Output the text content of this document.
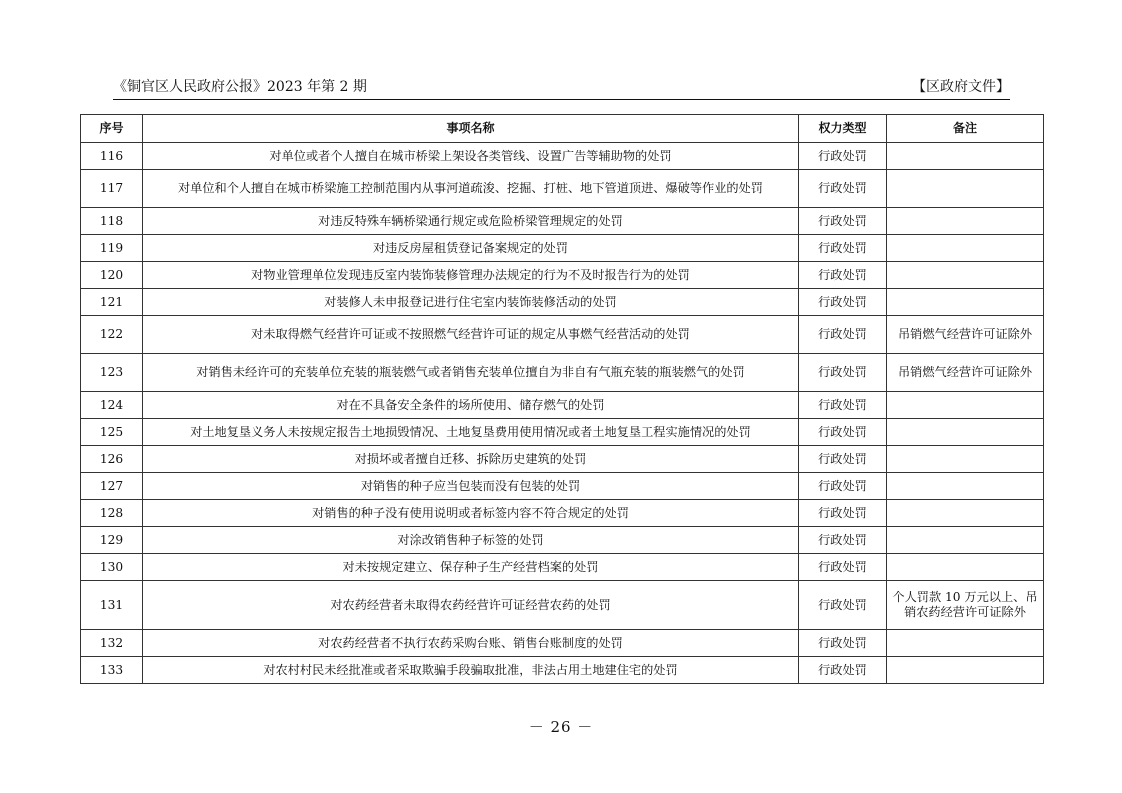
《铜官区人民政府公报》2023 年第 2 期	【区政府文件】
序号	事项名称	权力类型	备注
116	对单位或者个人擅自在城市桥梁上架设各类管线、设置广告等辅助物的处罚	行政处罚	
117	对单位和个人擅自在城市桥梁施工控制范围内从事河道疏浚、挖掘、打桩、地下管道顶进、爆破等作业的处罚	行政处罚	
118	对违反特殊车辆桥梁通行规定或危险桥梁管理规定的处罚	行政处罚	
119	对违反房屋租赁登记备案规定的处罚	行政处罚	
120	对物业管理单位发现违反室内装饰装修管理办法规定的行为不及时报告行为的处罚	行政处罚	
121	对装修人未申报登记进行住宅室内装饰装修活动的处罚	行政处罚	
122	对未取得燃气经营许可证或不按照燃气经营许可证的规定从事燃气经营活动的处罚	行政处罚	吊销燃气经营许可证除外
123	对销售未经许可的充装单位充装的瓶装燃气或者销售充装单位擅自为非自有气瓶充装的瓶装燃气的处罚	行政处罚	吊销燃气经营许可证除外
124	对在不具备安全条件的场所使用、储存燃气的处罚	行政处罚	
125	对土地复垦义务人未按规定报告土地损毁情况、土地复垦费用使用情况或者土地复垦工程实施情况的处罚	行政处罚	
126	对损坏或者擅自迁移、拆除历史建筑的处罚	行政处罚	
127	对销售的种子应当包装而没有包装的处罚	行政处罚	
128	对销售的种子没有使用说明或者标签内容不符合规定的处罚	行政处罚	
129	对涂改销售种子标签的处罚	行政处罚	
130	对未按规定建立、保存种子生产经营档案的处罚	行政处罚	
131	对农药经营者未取得农药经营许可证经营农药的处罚	行政处罚	个人罚款 10 万元以上、吊销农药经营许可证除外
132	对农药经营者不执行农药采购台账、销售台账制度的处罚	行政处罚	
133	对农村村民未经批准或者采取欺骗手段骗取批准，非法占用土地建住宅的处罚	行政处罚	
－ 26 －
